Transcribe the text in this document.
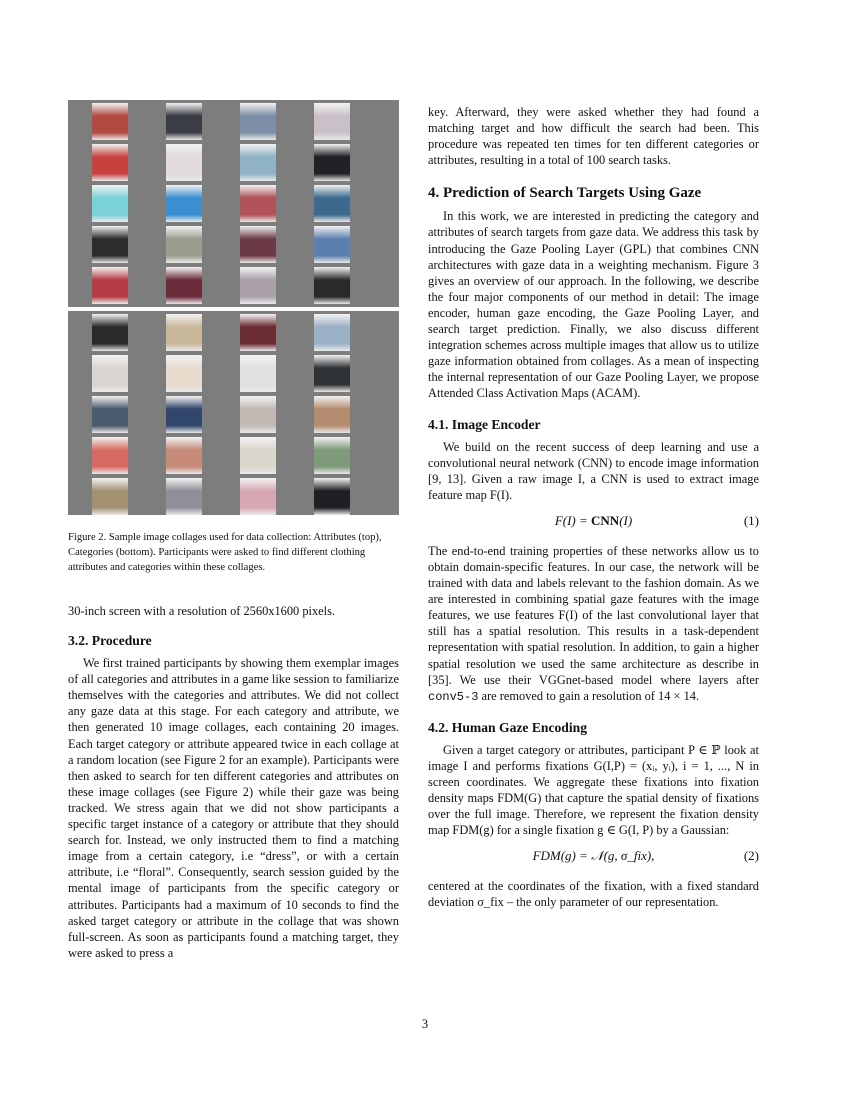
Figure 2. Sample image collages used for data collection: Attributes (top), Categories (bottom). Participants were asked to find different clothing attributes and categories within these collages.

30-inch screen with a resolution of 2560x1600 pixels.

3.2. Procedure

We first trained participants by showing them exemplar images of all categories and attributes in a game like session to familiarize themselves with the categories and attributes. We did not collect any gaze data at this stage. For each category and attribute, we then generated 10 image collages, each containing 20 images. Each target category or attribute appeared twice in each collage at a random location (see Figure 2 for an example). Participants were then asked to search for ten different categories and attributes on these image collages (see Figure 2) while their gaze was being tracked. We stress again that we did not show participants a specific target instance of a category or attribute that they should search for. Instead, we only instructed them to find a matching image from a certain category, i.e “dress”, or with a certain attribute, i.e “floral”. Consequently, search session guided by the mental image of participants from the specific category or attributes. Participants had a maximum of 10 seconds to find the asked target category or attribute in the collage that was shown full-screen. As soon as participants found a matching target, they were asked to press a

key. Afterward, they were asked whether they had found a matching target and how difficult the search had been. This procedure was repeated ten times for ten different categories or attributes, resulting in a total of 100 search tasks.

4. Prediction of Search Targets Using Gaze

In this work, we are interested in predicting the category and attributes of search targets from gaze data. We address this task by introducing the Gaze Pooling Layer (GPL) that combines CNN architectures with gaze data in a weighting mechanism. Figure 3 gives an overview of our approach. In the following, we describe the four major components of our method in detail: The image encoder, human gaze encoding, the Gaze Pooling Layer, and search target prediction. Finally, we also discuss different integration schemes across multiple images that allow us to utilize gaze information obtained from collages. As a mean of inspecting the internal representation of our Gaze Pooling Layer, we propose Attended Class Activation Maps (ACAM).

4.1. Image Encoder

We build on the recent success of deep learning and use a convolutional neural network (CNN) to encode image information [9, 13]. Given a raw image I, a CNN is used to extract image feature map F(I).

F(I) = CNN(I)	(1)

The end-to-end training properties of these networks allow us to obtain domain-specific features. In our case, the network will be trained with data and labels relevant to the fashion domain. As we are interested in combining spatial gaze features with the image features, we use features F(I) of the last convolutional layer that still has a spatial resolution. This results in a task-dependent representation with spatial resolution. In addition, to gain a higher spatial resolution we used the same architecture as describe in [35]. We use their VGGnet-based model where layers after conv5-3 are removed to gain a resolution of 14 × 14.

4.2. Human Gaze Encoding

Given a target category or attributes, participant P ∈ ℙ look at image I and performs fixations G(I,P) = (xᵢ, yᵢ), i = 1, ..., N in screen coordinates. We aggregate these fixations into fixation density maps FDM(G) that capture the spatial density of fixations over the full image. Therefore, we represent the fixation density map FDM(g) for a single fixation g ∈ G(I, P) by a Gaussian:

FDM(g) = 𝒩(g, σ_fix),	(2)

centered at the coordinates of the fixation, with a fixed standard deviation σ_fix – the only parameter of our representation.

3
